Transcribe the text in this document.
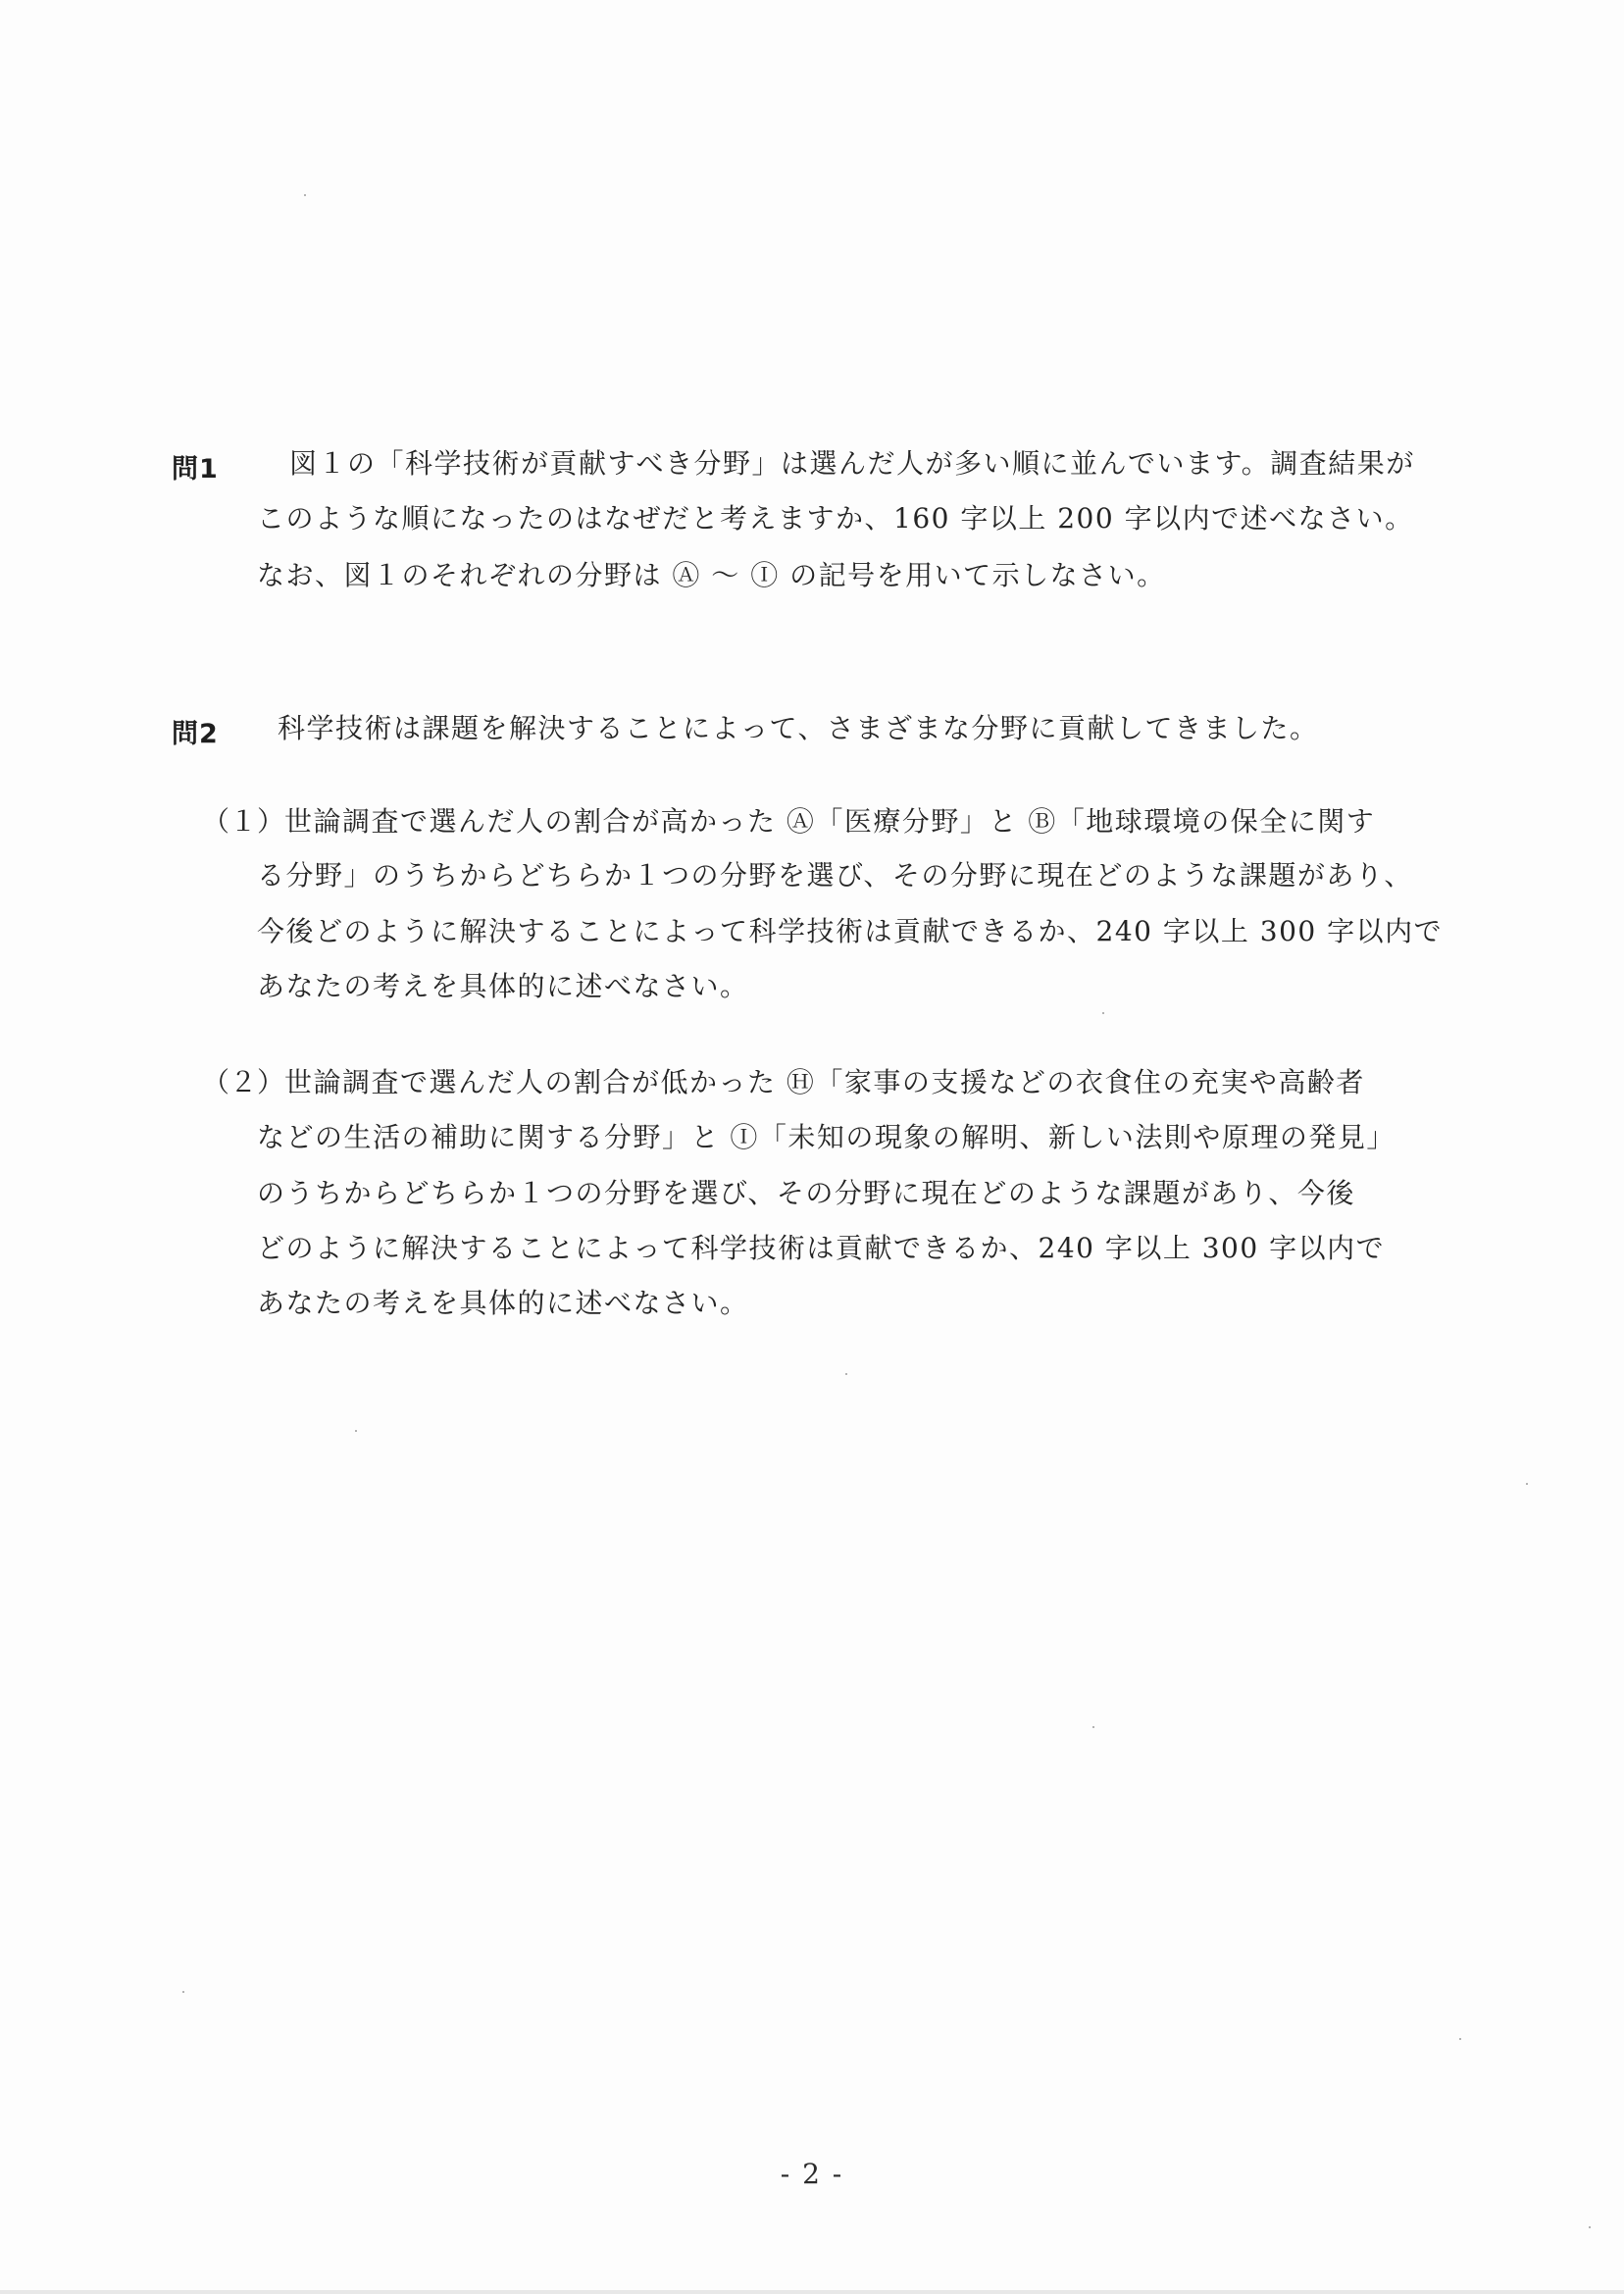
問1	図１の「科学技術が貢献すべき分野」は選んだ人が多い順に並んでいます。調査結果が
このような順になったのはなぜだと考えますか、160 字以上 200 字以内で述べなさい。
なお、図１のそれぞれの分野は Ⓐ ～ Ⓘ の記号を用いて示しなさい。
問2 科学技術は課題を解決することによって、さまざまな分野に貢献してきました。
（１） 世論調査で選んだ人の割合が高かった Ⓐ「医療分野」と Ⓑ「地球環境の保全に関す
る分野」のうちからどちらか１つの分野を選び、その分野に現在どのような課題があり、
今後どのように解決することによって科学技術は貢献できるか、240 字以上 300 字以内で
あなたの考えを具体的に述べなさい。
（２） 世論調査で選んだ人の割合が低かった Ⓗ「家事の支援などの衣食住の充実や高齢者
などの生活の補助に関する分野」と Ⓘ「未知の現象の解明、新しい法則や原理の発見」
のうちからどちらか１つの分野を選び、その分野に現在どのような課題があり、今後
どのように解決することによって科学技術は貢献できるか、240 字以上 300 字以内で
あなたの考えを具体的に述べなさい。
- 2 -
